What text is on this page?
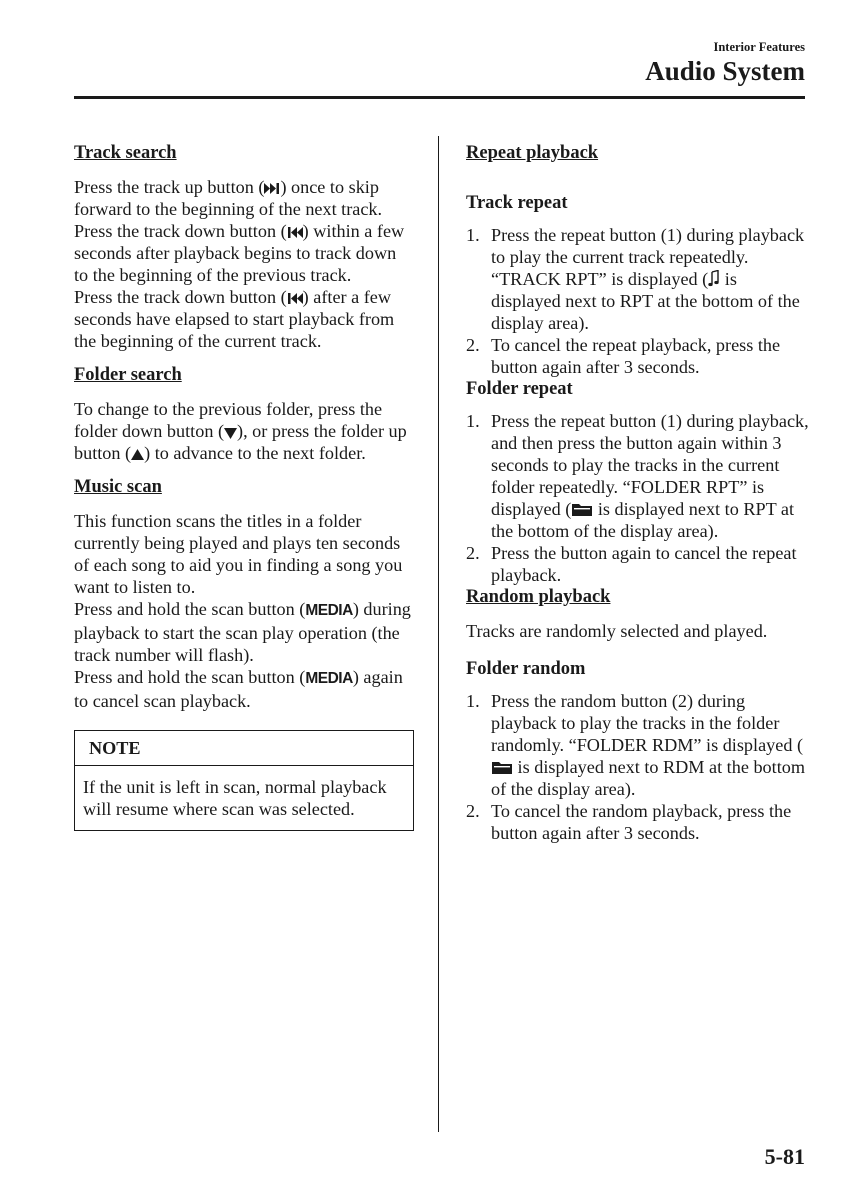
Interior Features
Audio System
Track search

Press the track up button ( ) once to skip forward to the beginning of the next track.

Press the track down button ( ) within a few seconds after playback begins to track down to the beginning of the previous track.

Press the track down button ( ) after a few seconds have elapsed to start playback from the beginning of the current track.

Folder search

To change to the previous folder, press the folder down button ( ), or press the folder up button ( ) to advance to the next folder.

Music scan

This function scans the titles in a folder currently being played and plays ten seconds of each song to aid you in finding a song you want to listen to.

Press and hold the scan button (MEDIA) during playback to start the scan play operation (the track number will flash).

Press and hold the scan button (MEDIA) again to cancel scan playback.

NOTE
If the unit is left in scan, normal playback will resume where scan was selected.
Repeat playback
Track repeat
1. Press the repeat button (1) during playback to play the current track repeatedly. “TRACK RPT” is displayed ( is displayed next to RPT at the bottom of the display area).
2. To cancel the repeat playback, press the button again after 3 seconds.
Folder repeat
1. Press the repeat button (1) during playback, and then press the button again within 3 seconds to play the tracks in the current folder repeatedly. “FOLDER RPT” is displayed ( is displayed next to RPT at the bottom of the display area).
2. Press the button again to cancel the repeat playback.
Random playback

Tracks are randomly selected and played.

Folder random
1. Press the random button (2) during playback to play the tracks in the folder randomly. “FOLDER RDM” is displayed ( is displayed next to RDM at the bottom of the display area).
2. To cancel the random playback, press the button again after 3 seconds.
5-81
